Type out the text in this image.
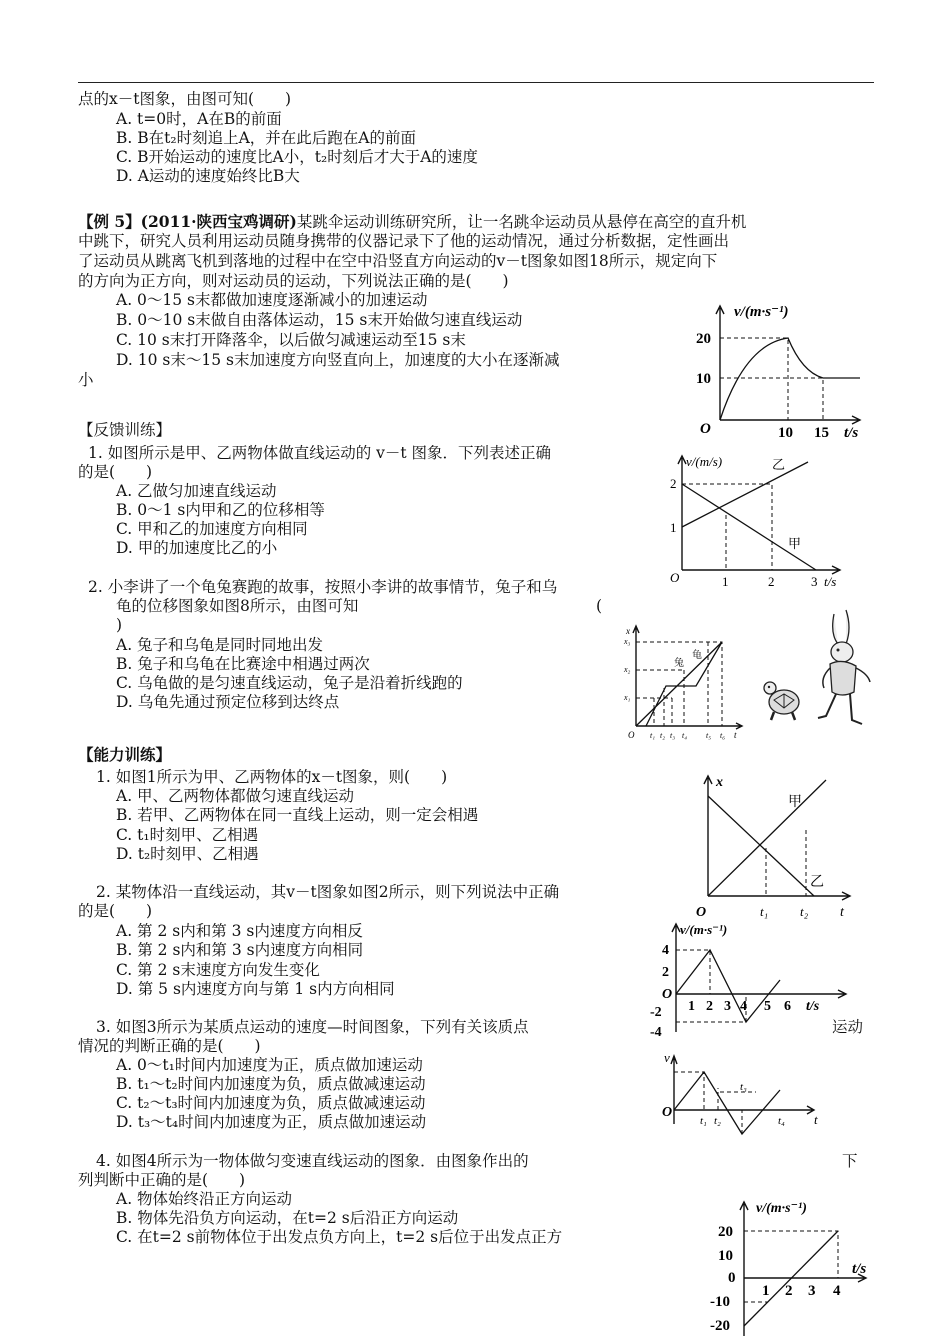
点的x－t图象，由图可知(　　)
A. t=0时，A在B的前面
B. B在t₂时刻追上A，并在此后跑在A的前面
C. B开始运动的速度比A小，t₂时刻后才大于A的速度
D. A运动的速度始终比B大
【例 5】(2011·陕西宝鸡调研)某跳伞运动训练研究所，让一名跳伞运动员从悬停在高空的直升机
中跳下，研究人员利用运动员随身携带的仪器记录下了他的运动情况，通过分析数据，定性画出
了运动员从跳离飞机到落地的过程中在空中沿竖直方向运动的v－t图象如图18所示，规定向下
的方向为正方向，则对运动员的运动，下列说法正确的是(　　)
A. 0～15 s末都做加速度逐渐减小的加速运动
B. 0～10 s末做自由落体运动，15 s末开始做匀速直线运动
C. 10 s末打开降落伞，以后做匀减速运动至15 s末
D. 10 s末～15 s末加速度方向竖直向上，加速度的大小在逐渐减
小
v/(m·s⁻¹)
20
10
O	10 15 t/s
【反馈训练】
1. 如图所示是甲、乙两物体做直线运动的 v－t 图象．下列表述正确
的是(　　)
A. 乙做匀加速直线运动
B. 0～1 s内甲和乙的位移相等
C. 甲和乙的加速度方向相同
D. 甲的加速度比乙的小
v/(m/s)
2
1
O	1	2	3 t/s
乙
甲
2. 小李讲了一个龟兔赛跑的故事，按照小李讲的故事情节，兔子和乌
龟的位移图象如图8所示，由图可知	(
)
A. 兔子和乌龟是同时同地出发
B. 兔子和乌龟在比赛途中相遇过两次
C. 乌龟做的是匀速直线运动，兔子是沿着折线跑的
D. 乌龟先通过预定位移到达终点
x
x₃
x₂
x₁
O t₁ t₂ t₃ t₄ t₅ t₆ t
兔
龟
【能力训练】
1. 如图1所示为甲、乙两物体的x－t图象，则(　　)
A. 甲、乙两物体都做匀速直线运动
B. 若甲、乙两物体在同一直线上运动，则一定会相遇
C. t₁时刻甲、乙相遇
D. t₂时刻甲、乙相遇
x
O	t₁ t₂ t
甲
乙
2. 某物体沿一直线运动，其v－t图象如图2所示，则下列说法中正确
的是(　　)
A. 第 2 s内和第 3 s内速度方向相反
B. 第 2 s内和第 3 s内速度方向相同
C. 第 2 s末速度方向发生变化
D. 第 5 s内速度方向与第 1 s内方向相同
v/(m·s⁻¹)
4
2
O
-2
-4
1 2 3 4 5 6 t/s
3. 如图3所示为某质点运动的速度—时间图象，下列有关该质点	运动
情况的判断正确的是(　　)
A. 0～t₁时间内加速度为正，质点做加速运动
B. t₁～t₂时间内加速度为负，质点做减速运动
C. t₂～t₃时间内加速度为负，质点做减速运动
D. t₃～t₄时间内加速度为正，质点做加速运动
v
O
t₁ t₂
t₃
t₄ t
4. 如图4所示为一物体做匀变速直线运动的图象．由图象作出的	下
列判断中正确的是(　　)
A. 物体始终沿正方向运动
B. 物体先沿负方向运动，在t=2 s后沿正方向运动
C. 在t=2 s前物体位于出发点负方向上，t=2 s后位于出发点正方
v/(m·s⁻¹)
20
10
0
-10
-20
1 2 3 4
t/s
